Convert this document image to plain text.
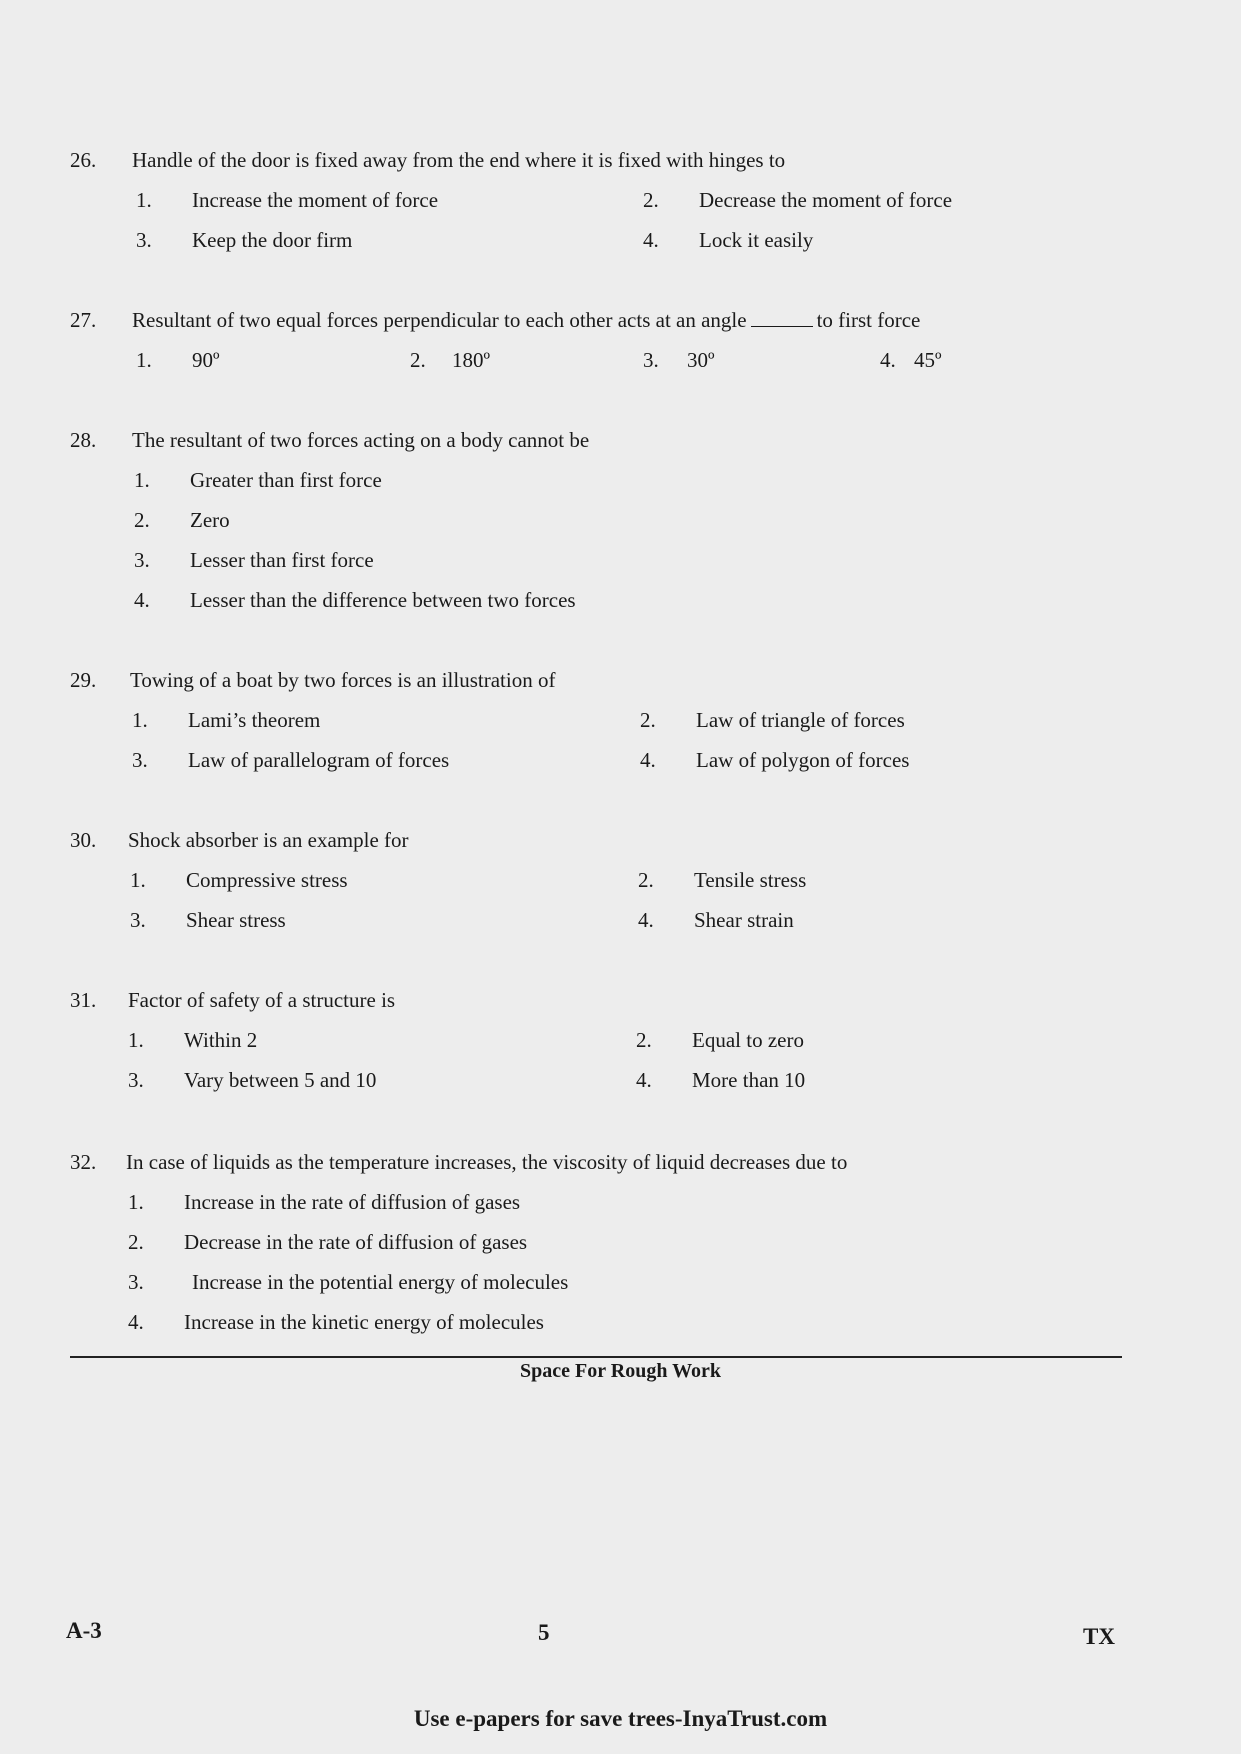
26. Handle of the door is fixed away from the end where it is fixed with hinges to
1. Increase the moment of force	2. Decrease the moment of force
3. Keep the door firm	4. Lock it easily
27. Resultant of two equal forces perpendicular to each other acts at an angle	to first force
1. 90º	2. 180º	3. 30º	4. 45º
28. The resultant of two forces acting on a body cannot be
1. Greater than first force
2. Zero
3. Lesser than first force
4. Lesser than the difference between two forces
29. Towing of a boat by two forces is an illustration of
1. Lami’s theorem	2. Law of triangle of forces
3. Law of parallelogram of forces	4. Law of polygon of forces
30. Shock absorber is an example for
1. Compressive stress	2. Tensile stress
3. Shear stress	4. Shear strain
31. Factor of safety of a structure is
1. Within 2	2. Equal to zero
3. Vary between 5 and 10	4. More than 10
32. In case of liquids as the temperature increases, the viscosity of liquid decreases due to
1. Increase in the rate of diffusion of gases
2. Decrease in the rate of diffusion of gases
3. Increase in the potential energy of molecules
4. Increase in the kinetic energy of molecules
Space For Rough Work
A-3	5	TX
Use e-papers for save trees-InyaTrust.com
